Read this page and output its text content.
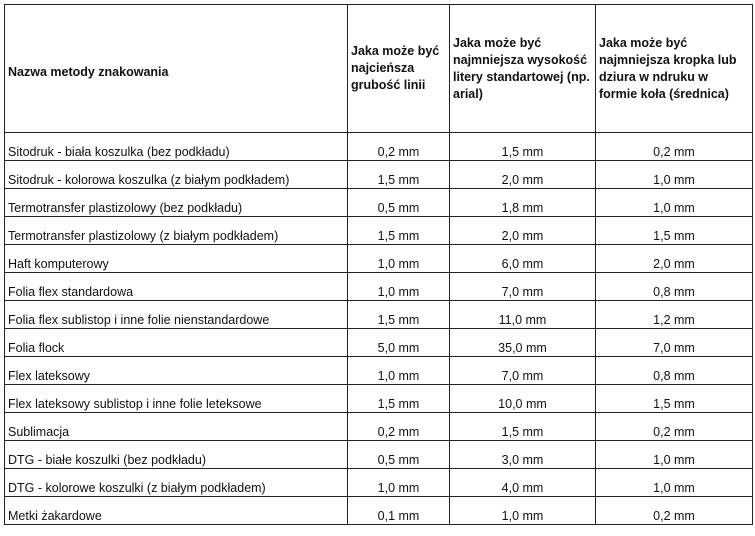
Nazwa metody znakowania	Jaka może być najcieńsza grubość linii	Jaka może być najmniejsza wysokość litery standartowej (np. arial)	Jaka może być najmniejsza kropka lub dziura w ndruku w formie koła (średnica)
Sitodruk - biała koszulka (bez podkładu)	0,2 mm	1,5 mm	0,2 mm
Sitodruk - kolorowa koszulka (z białym podkładem)	1,5 mm	2,0 mm	1,0 mm
Termotransfer plastizolowy (bez podkładu)	0,5 mm	1,8 mm	1,0 mm
Termotransfer plastizolowy (z białym podkładem)	1,5 mm	2,0 mm	1,5 mm
Haft komputerowy	1,0 mm	6,0 mm	2,0 mm
Folia flex standardowa	1,0 mm	7,0 mm	0,8 mm
Folia flex sublistop i inne folie nienstandardowe	1,5 mm	11,0 mm	1,2 mm
Folia flock	5,0 mm	35,0 mm	7,0 mm
Flex lateksowy	1,0 mm	7,0 mm	0,8 mm
Flex lateksowy sublistop i inne folie leteksowe	1,5 mm	10,0 mm	1,5 mm
Sublimacja	0,2 mm	1,5 mm	0,2 mm
DTG - białe koszulki (bez podkładu)	0,5 mm	3,0 mm	1,0 mm
DTG - kolorowe koszulki (z białym podkładem)	1,0 mm	4,0 mm	1,0 mm
Metki żakardowe	0,1 mm	1,0 mm	0,2 mm
